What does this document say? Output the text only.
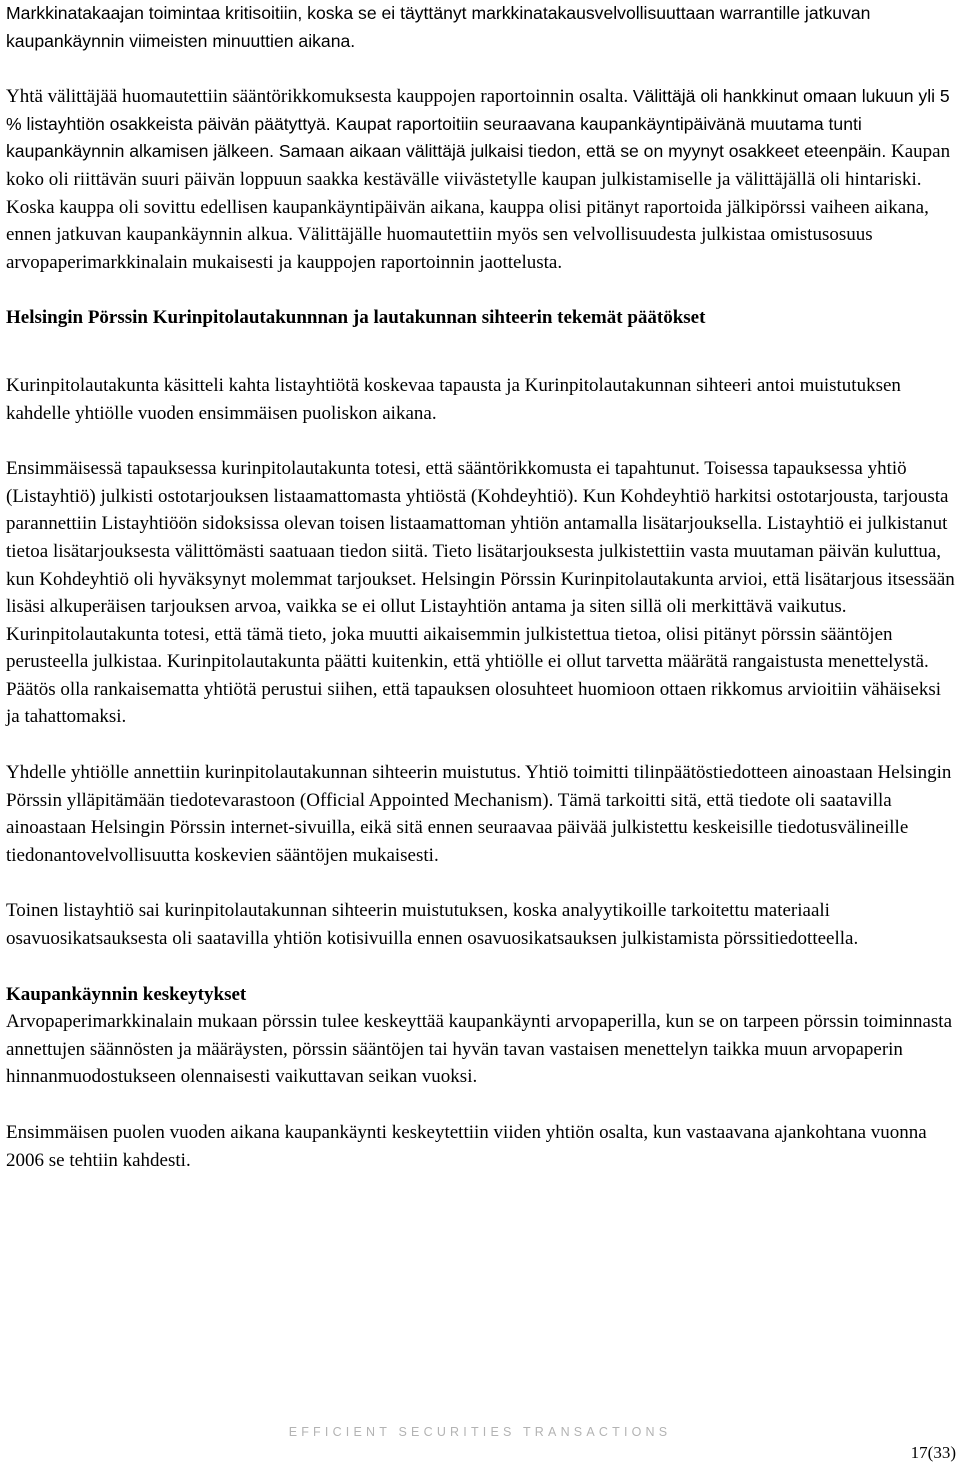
Markkinatakaajan toimintaa kritisoitiin, koska se ei täyttänyt markkinatakausvelvollisuuttaan warrantille jatkuvan kaupankäynnin viimeisten minuuttien aikana.

Yhtä välittäjää huomautettiin sääntörikkomuksesta kauppojen raportoinnin osalta. Välittäjä oli hankkinut omaan lukuun yli 5 % listayhtiön osakkeista päivän päätyttyä. Kaupat raportoitiin seuraavana kaupankäyntipäivänä muutama tunti kaupankäynnin alkamisen jälkeen. Samaan aikaan välittäjä julkaisi tiedon, että se on myynyt osakkeet eteenpäin. Kaupan koko oli riittävän suuri päivän loppuun saakka kestävälle viivästetylle kaupan julkistamiselle ja välittäjällä oli hintariski. Koska kauppa oli sovittu edellisen kaupankäyntipäivän aikana, kauppa olisi pitänyt raportoida jälkipörssi vaiheen aikana, ennen jatkuvan kaupankäynnin alkua. Välittäjälle huomautettiin myös sen velvollisuudesta julkistaa omistusosuus arvopaperimarkkinalain mukaisesti ja kauppojen raportoinnin jaottelusta.

Helsingin Pörssin Kurinpitolautakunnnan ja lautakunnan sihteerin tekemät päätökset

Kurinpitolautakunta käsitteli kahta listayhtiötä koskevaa tapausta ja Kurinpitolautakunnan sihteeri antoi muistutuksen kahdelle yhtiölle vuoden ensimmäisen puoliskon aikana.

Ensimmäisessä tapauksessa kurinpitolautakunta totesi, että sääntörikkomusta ei tapahtunut. Toisessa tapauksessa yhtiö (Listayhtiö) julkisti ostotarjouksen listaamattomasta yhtiöstä (Kohdeyhtiö). Kun Kohdeyhtiö harkitsi ostotarjousta, tarjousta parannettiin Listayhtiöön sidoksissa olevan toisen listaamattoman yhtiön antamalla lisätarjouksella. Listayhtiö ei julkistanut tietoa lisätarjouksesta välittömästi saatuaan tiedon siitä. Tieto lisätarjouksesta julkistettiin vasta muutaman päivän kuluttua, kun Kohdeyhtiö oli hyväksynyt molemmat tarjoukset. Helsingin Pörssin Kurinpitolautakunta arvioi, että lisätarjous itsessään lisäsi alkuperäisen tarjouksen arvoa, vaikka se ei ollut Listayhtiön antama ja siten sillä oli merkittävä vaikutus. Kurinpitolautakunta totesi, että tämä tieto, joka muutti aikaisemmin julkistettua tietoa, olisi pitänyt pörssin sääntöjen perusteella julkistaa. Kurinpitolautakunta päätti kuitenkin, että yhtiölle ei ollut tarvetta määrätä rangaistusta menettelystä. Päätös olla rankaisematta yhtiötä perustui siihen, että tapauksen olosuhteet huomioon ottaen rikkomus arvioitiin vähäiseksi ja tahattomaksi.

Yhdelle yhtiölle annettiin kurinpitolautakunnan sihteerin muistutus. Yhtiö toimitti tilinpäätöstiedotteen ainoastaan Helsingin Pörssin ylläpitämään tiedotevarastoon (Official Appointed Mechanism). Tämä tarkoitti sitä, että tiedote oli saatavilla ainoastaan Helsingin Pörssin internet-sivuilla, eikä sitä ennen seuraavaa päivää julkistettu keskeisille tiedotusvälineille tiedonantovelvollisuutta koskevien sääntöjen mukaisesti.

Toinen listayhtiö sai kurinpitolautakunnan sihteerin muistutuksen, koska analyytikoille tarkoitettu materiaali osavuosikatsauksesta oli saatavilla yhtiön kotisivuilla ennen osavuosikatsauksen julkistamista pörssitiedotteella.

Kaupankäynnin keskeytykset

Arvopaperimarkkinalain mukaan pörssin tulee keskeyttää kaupankäynti arvopaperilla, kun se on tarpeen pörssin toiminnasta annettujen säännösten ja määräysten, pörssin sääntöjen tai hyvän tavan vastaisen menettelyn taikka muun arvopaperin hinnanmuodostukseen olennaisesti vaikuttavan seikan vuoksi.

Ensimmäisen puolen vuoden aikana kaupankäynti keskeytettiin viiden yhtiön osalta, kun vastaavana ajankohtana vuonna 2006 se tehtiin kahdesti.

EFFICIENT SECURITIES TRANSACTIONS
17(33)
